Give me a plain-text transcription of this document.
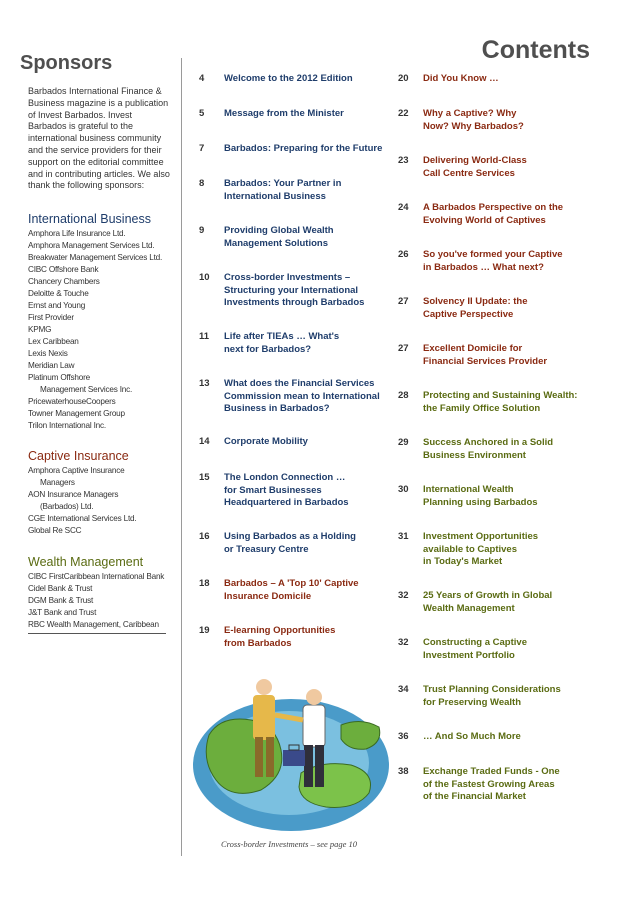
Contents
Sponsors
Barbados International Finance & Business magazine is a publication of Invest Barbados. Invest Barbados is grateful to the international business community and the service providers for their support on the editorial committee and in contributing articles. We also thank the following sponsors:
International Business
Amphora Life Insurance Ltd.
Amphora Management Services Ltd.
Breakwater Management Services Ltd.
CIBC Offshore Bank
Chancery Chambers
Deloitte & Touche
Ernst and Young
First Provider
KPMG
Lex Caribbean
Lexis Nexis
Meridian Law
Platinum Offshore
Management Services Inc.
PricewaterhouseCoopers
Towner Management Group
Trilon International Inc.
Captive Insurance
Amphora Captive Insurance
Managers
AON Insurance Managers
(Barbados) Ltd.
CGE International Services Ltd.
Global Re SCC
Wealth Management
CIBC FirstCaribbean International Bank
Cidel Bank & Trust
DGM Bank & Trust
J&T Bank and Trust
RBC Wealth Management, Caribbean
4	Welcome to the 2012 Edition
5	Message from the Minister
7	Barbados: Preparing for the Future
8	Barbados: Your Partner in
International Business
9	Providing Global Wealth
Management Solutions
10	Cross-border Investments –
Structuring your International
Investments through Barbados
11	Life after TIEAs … What's
next for Barbados?
13	What does the Financial Services
Commission mean to International
Business in Barbados?
14	Corporate Mobility
15	The London Connection …
for Smart Businesses
Headquartered in Barbados
16	Using Barbados as a Holding
or Treasury Centre
18	Barbados – A 'Top 10' Captive
Insurance Domicile
19	E-learning Opportunities
from Barbados
20	Did You Know …
22	Why a Captive? Why
Now? Why Barbados?
23	Delivering World-Class
Call Centre Services
24	A Barbados Perspective on the
Evolving World of Captives
26	So you've formed your Captive
in Barbados … What next?
27	Solvency II Update: the
Captive Perspective
27	Excellent Domicile for
Financial Services Provider
28	Protecting and Sustaining Wealth:
the Family Office Solution
29	Success Anchored in a Solid
Business Environment
30	International Wealth
Planning using Barbados
31	Investment Opportunities
available to Captives
in Today's Market
32	25 Years of Growth in Global
Wealth Management
32	Constructing a Captive
Investment Portfolio
34	Trust Planning Considerations
for Preserving Wealth
36	… And So Much More
38	Exchange Traded Funds - One
of the Fastest Growing Areas
of the Financial Market
Cross-border Investments – see page 10
